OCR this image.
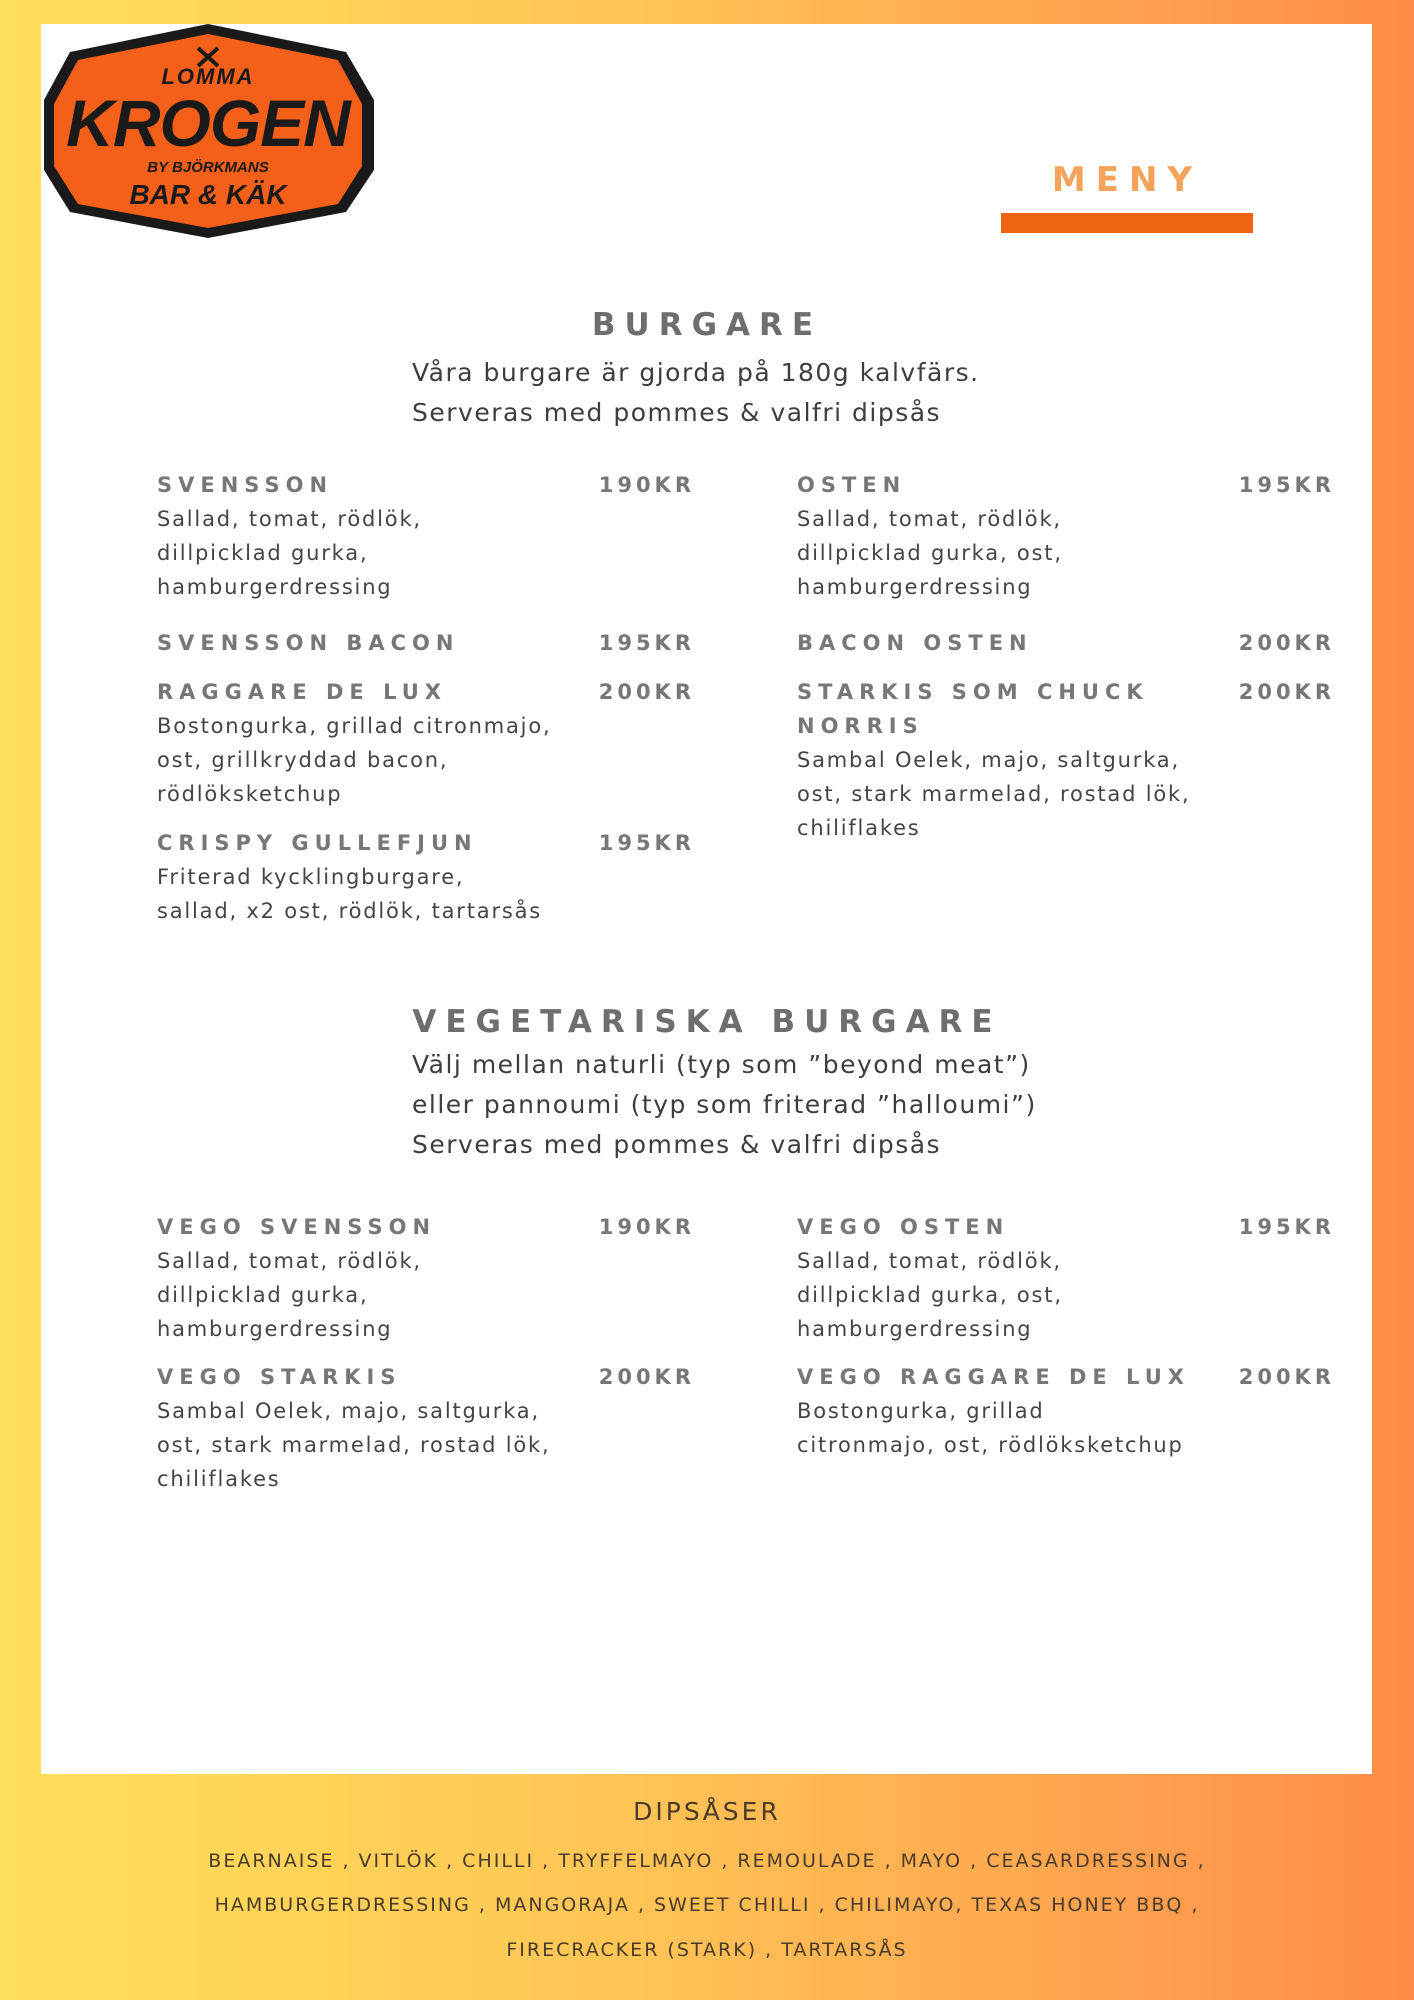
LOMMA
KROGEN
BY BJÖRKMANS
BAR & KÄK	MENY
BURGARE
Våra burgare är gjorda på 180g kalvfärs.
Serveras med pommes & valfri dipsås
SVENSSON	190KR
Sallad, tomat, rödlök,
dillpicklad gurka,
hamburgerdressing
OSTEN	195KR
Sallad, tomat, rödlök,
dillpicklad gurka, ost,
hamburgerdressing
SVENSSON BACON	195KR	BACON OSTEN	200KR
RAGGARE DE LUX	200KR
Bostongurka, grillad citronmajo,
ost, grillkryddad bacon,
rödlöksketchup
STARKIS SOM CHUCK	200KR
NORRIS
Sambal Oelek, majo, saltgurka,
ost, stark marmelad, rostad lök,
chiliflakes
CRISPY GULLEFJUN	195KR
Friterad kycklingburgare,
sallad, x2 ost, rödlök, tartarsås
VEGETARISKA BURGARE
Välj mellan naturli (typ som ”beyond meat”)
eller pannoumi (typ som friterad ”halloumi”)
Serveras med pommes & valfri dipsås
VEGO SVENSSON	190KR
Sallad, tomat, rödlök,
dillpicklad gurka,
hamburgerdressing
VEGO OSTEN	195KR
Sallad, tomat, rödlök,
dillpicklad gurka, ost,
hamburgerdressing
VEGO STARKIS	200KR
Sambal Oelek, majo, saltgurka,
ost, stark marmelad, rostad lök,
chiliflakes
VEGO RAGGARE DE LUX	200KR
Bostongurka, grillad
citronmajo, ost, rödlöksketchup
DIPSÅSER
BEARNAISE , VITLÖK , CHILLI , TRYFFELMAYO , REMOULADE , MAYO , CEASARDRESSING ,
HAMBURGERDRESSING , MANGORAJA , SWEET CHILLI , CHILIMAYO, TEXAS HONEY BBQ ,
FIRECRACKER (STARK) , TARTARSÅS
